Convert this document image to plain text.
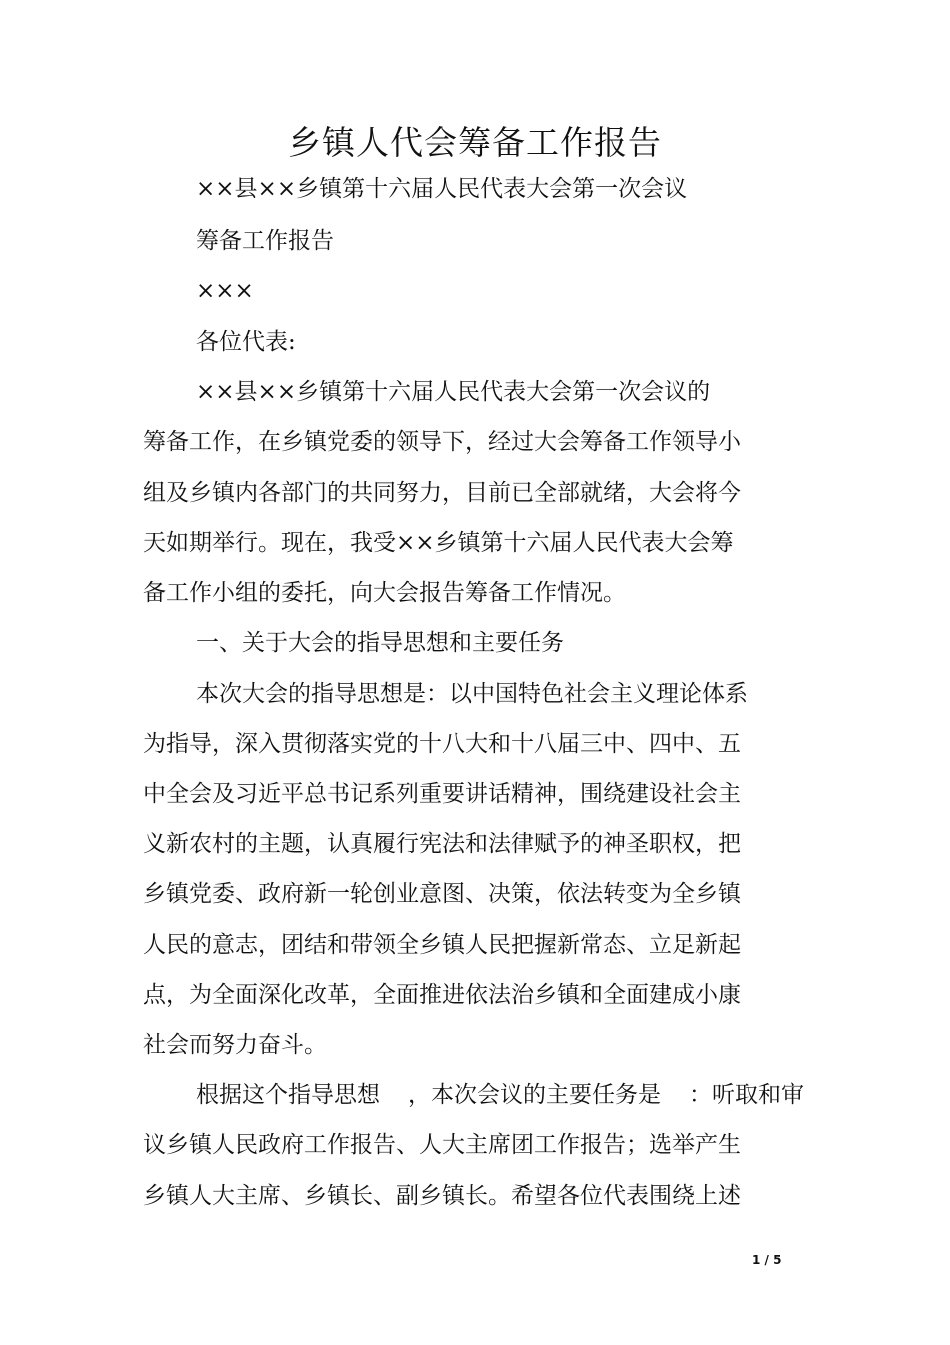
乡镇人代会筹备工作报告

××县××乡镇第十六届人民代表大会第一次会议

筹备工作报告

×××

各位代表:

××县××乡镇第十六届人民代表大会第一次会议的

筹备工作，在乡镇党委的领导下，经过大会筹备工作领导小

组及乡镇内各部门的共同努力，目前已全部就绪，大会将今

天如期举行。现在，我受××乡镇第十六届人民代表大会筹

备工作小组的委托，向大会报告筹备工作情况。

一、关于大会的指导思想和主要任务

本次大会的指导思想是：以中国特色社会主义理论体系

为指导，深入贯彻落实党的十八大和十八届三中、四中、五

中全会及习近平总书记系列重要讲话精神，围绕建设社会主

义新农村的主题，认真履行宪法和法律赋予的神圣职权，把

乡镇党委、政府新一轮创业意图、决策，依法转变为全乡镇

人民的意志，团结和带领全乡镇人民把握新常态、立足新起

点，为全面深化改革，全面推进依法治乡镇和全面建成小康

社会而努力奋斗。

根据这个指导思想 ，本次会议的主要任务是 ：听取和审

议乡镇人民政府工作报告、人大主席团工作报告；选举产生

乡镇人大主席、乡镇长、副乡镇长。希望各位代表围绕上述

1 / 5
